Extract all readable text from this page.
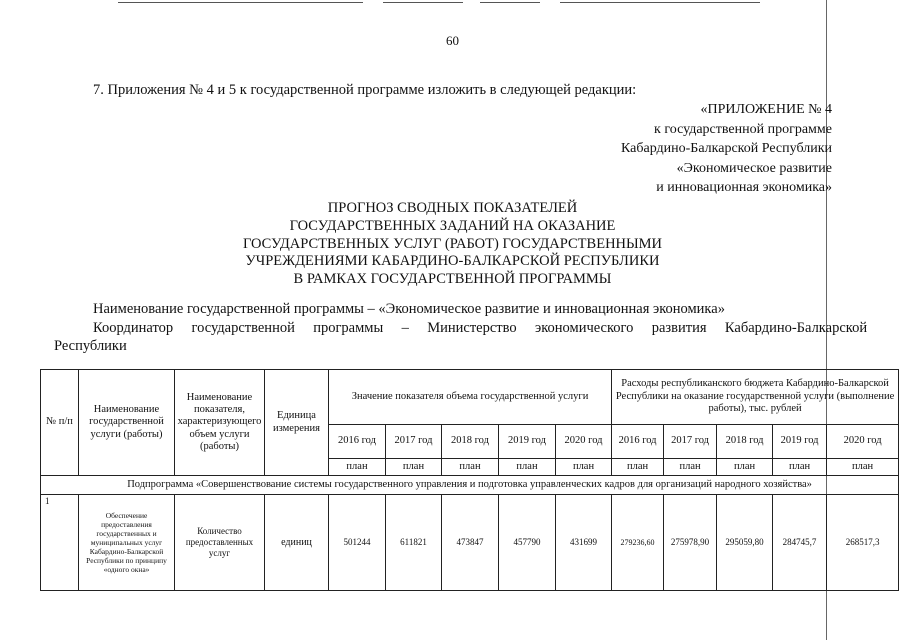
60
7. Приложения № 4 и 5 к государственной программе изложить в следующей редакции:
«ПРИЛОЖЕНИЕ № 4
к государственной программе
Кабардино-Балкарской Республики
«Экономическое развитие
и инновационная экономика»
ПРОГНОЗ СВОДНЫХ ПОКАЗАТЕЛЕЙ
ГОСУДАРСТВЕННЫХ ЗАДАНИЙ НА ОКАЗАНИЕ
ГОСУДАРСТВЕННЫХ УСЛУГ (РАБОТ) ГОСУДАРСТВЕННЫМИ
УЧРЕЖДЕНИЯМИ КАБАРДИНО-БАЛКАРСКОЙ РЕСПУБЛИКИ
В РАМКАХ ГОСУДАРСТВЕННОЙ ПРОГРАММЫ
Наименование государственной программы – «Экономическое развитие и инновационная экономика»
Координатор государственной программы – Министерство экономического развития Кабардино-Балкарской
Республики
№ п/п	Наименование государственной услуги (работы)	Наименование показателя, характеризующего объем услуги (работы)	Единица измерения	Значение показателя объема государственной услуги					Расходы республиканского бюджета Кабардино-Балкарской Республики на оказание государственной услуги (выполнение работы), тыс. рублей				
				2016 год	2017 год	2018 год	2019 год	2020 год	2016 год	2017 год	2018 год	2019 год	2020 год
				план	план	план	план	план	план	план	план	план	план
Подпрограмма «Совершенствование системы государственного управления и подготовка управленческих кадров для организаций народного хозяйства»													
1	Обеспечение предоставления государственных и муниципальных услуг Кабардино-Балкарской Республики по принципу «одного окна»	Количество предоставленных услуг	единиц	501244	611821	473847	457790	431699	279236,60	275978,90	295059,80	284745,7	268517,3
